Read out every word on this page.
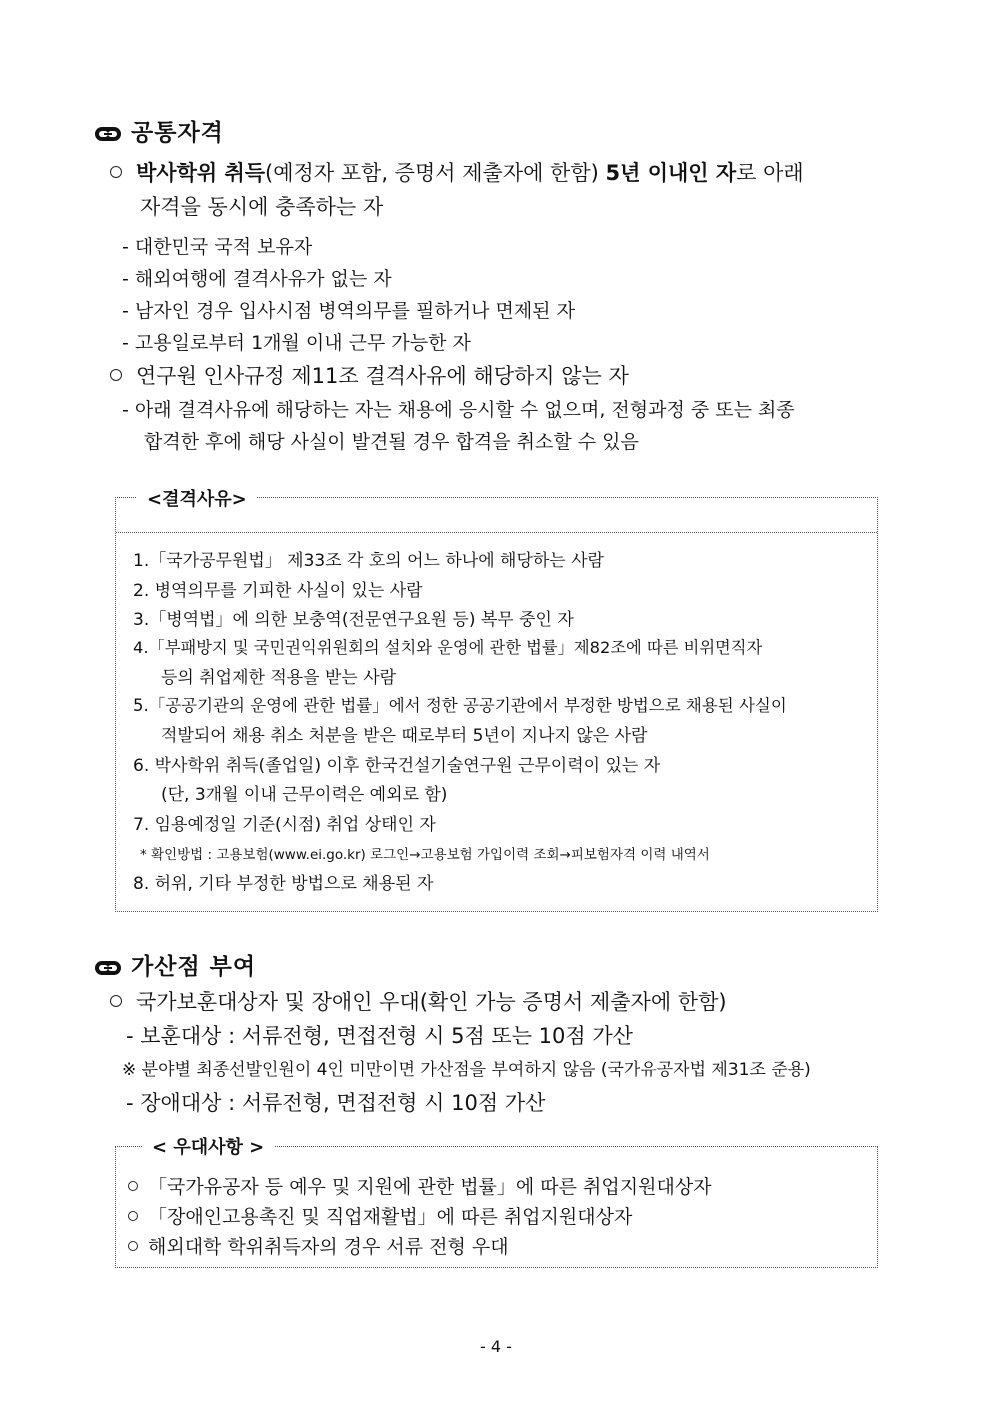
공통자격
박사학위 취득(예정자 포함, 증명서 제출자에 한함) 5년 이내인 자로 아래
자격을 동시에 충족하는 자
- 대한민국 국적 보유자
- 해외여행에 결격사유가 없는 자
- 남자인 경우 입사시점 병역의무를 필하거나 면제된 자
- 고용일로부터 1개월 이내 근무 가능한 자
연구원 인사규정 제11조 결격사유에 해당하지 않는 자
- 아래 결격사유에 해당하는 자는 채용에 응시할 수 없으며, 전형과정 중 또는 최종
합격한 후에 해당 사실이 발견될 경우 합격을 취소할 수 있음
<결격사유>
1.「국가공무원법」 제33조 각 호의 어느 하나에 해당하는 사람
2. 병역의무를 기피한 사실이 있는 사람
3.「병역법」에 의한 보충역(전문연구요원 등) 복무 중인 자
4.「부패방지 및 국민권익위원회의 설치와 운영에 관한 법률」제82조에 따른 비위면직자
등의 취업제한 적용을 받는 사람
5.「공공기관의 운영에 관한 법률」에서 정한 공공기관에서 부정한 방법으로 채용된 사실이
적발되어 채용 취소 처분을 받은 때로부터 5년이 지나지 않은 사람
6. 박사학위 취득(졸업일) 이후 한국건설기술연구원 근무이력이 있는 자
(단, 3개월 이내 근무이력은 예외로 함)
7. 임용예정일 기준(시점) 취업 상태인 자
* 확인방법 : 고용보험(www.ei.go.kr) 로그인→고용보험 가입이력 조회→피보험자격 이력 내역서
8. 허위, 기타 부정한 방법으로 채용된 자
가산점 부여
국가보훈대상자 및 장애인 우대(확인 가능 증명서 제출자에 한함)
- 보훈대상 : 서류전형, 면접전형 시 5점 또는 10점 가산
※ 분야별 최종선발인원이 4인 미만이면 가산점을 부여하지 않음 (국가유공자법 제31조 준용)
- 장애대상 : 서류전형, 면접전형 시 10점 가산
< 우대사항 >
「국가유공자 등 예우 및 지원에 관한 법률」에 따른 취업지원대상자
「장애인고용촉진 및 직업재활법」에 따른 취업지원대상자
해외대학 학위취득자의 경우 서류 전형 우대
- 4 -
